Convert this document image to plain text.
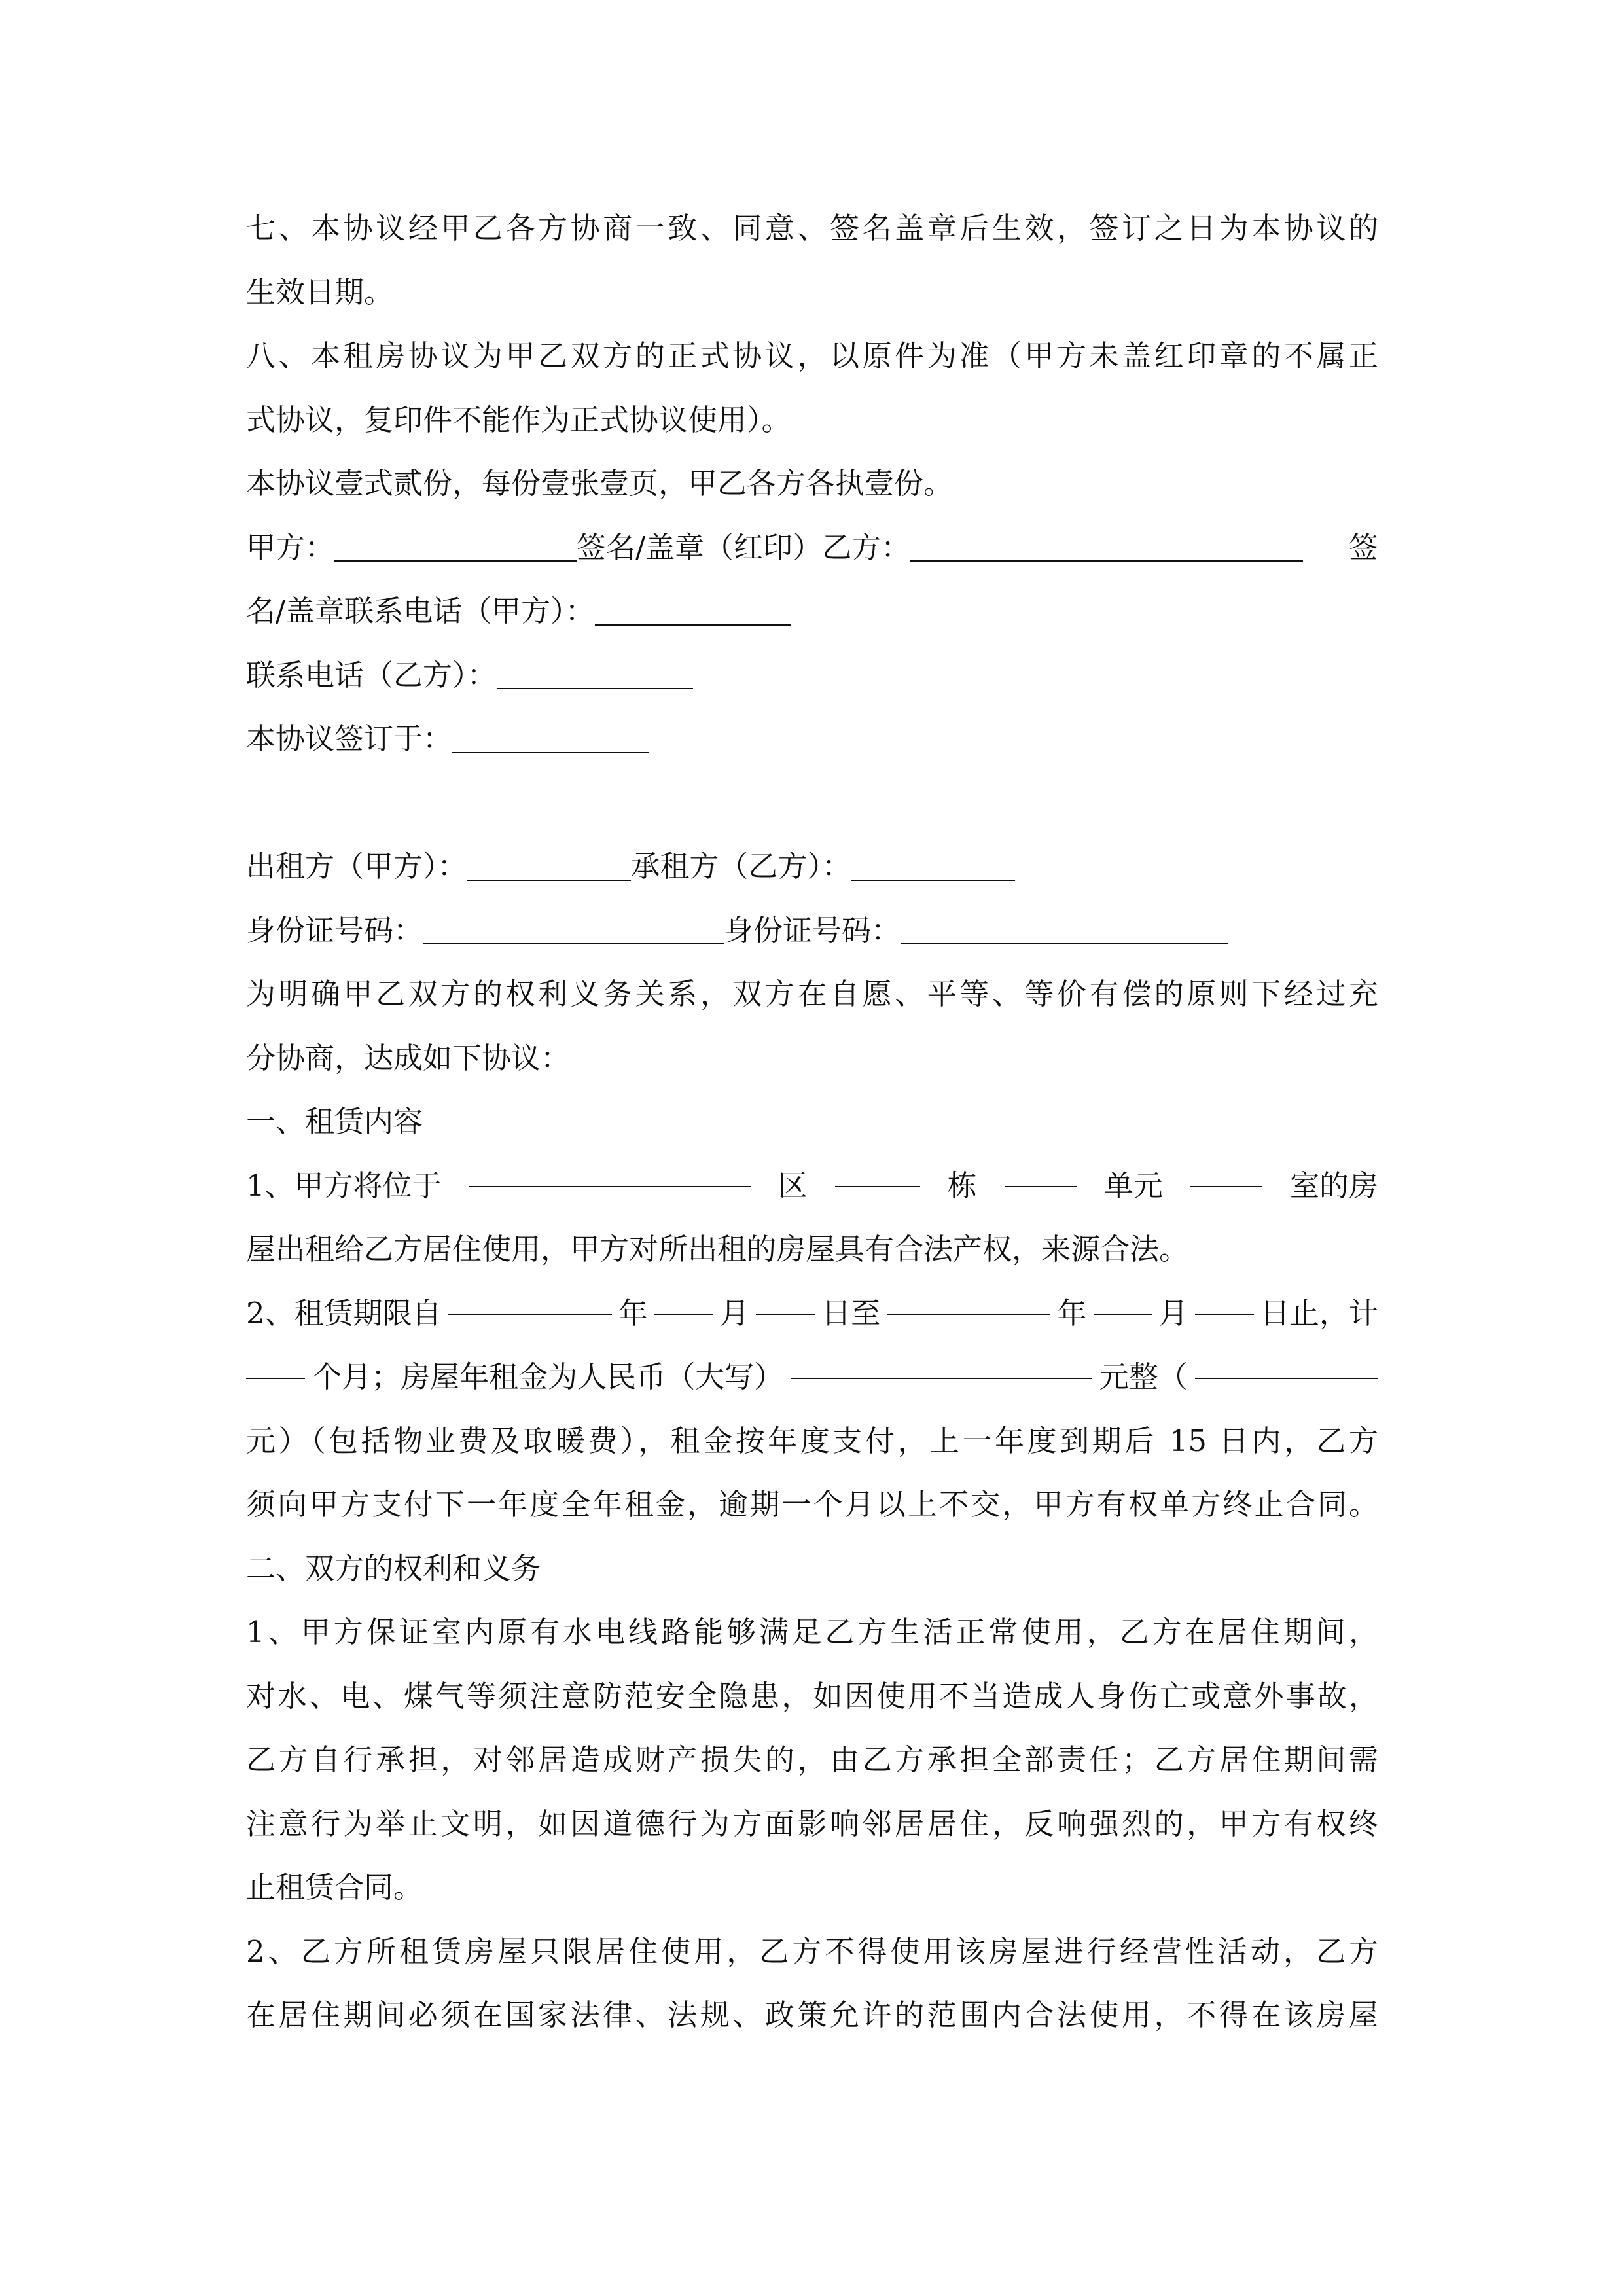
七、本协议经甲乙各方协商一致、同意、签名盖章后生效，签订之日为本协议的
生效日期。
八、本租房协议为甲乙双方的正式协议，以原件为准（甲方未盖红印章的不属正
式协议，复印件不能作为正式协议使用）。
本协议壹式贰份，每份壹张壹页，甲乙各方各执壹份。
甲方：	签名/盖章（红印）乙方：	签
名/盖章联系电话（甲方）：
联系电话（乙方）：
本协议签订于：
出租方（甲方）：	承租方（乙方）：
身份证号码：	身份证号码：
为明确甲乙双方的权利义务关系，双方在自愿、平等、等价有偿的原则下经过充
分协商，达成如下协议：
一、租赁内容
1、甲方将位于	区	栋	单元	室的房
屋出租给乙方居住使用，甲方对所出租的房屋具有合法产权，来源合法。
2、租赁期限自	年 月 日至	年 月 日止，计
个月；房屋年租金为人民币（大写）	元整（
元）（包括物业费及取暖费），租金按年度支付，上一年度到期后 15 日内，乙方
须向甲方支付下一年度全年租金，逾期一个月以上不交，甲方有权单方终止合同。
二、双方的权利和义务
1、甲方保证室内原有水电线路能够满足乙方生活正常使用，乙方在居住期间，
对水、电、煤气等须注意防范安全隐患，如因使用不当造成人身伤亡或意外事故，
乙方自行承担，对邻居造成财产损失的，由乙方承担全部责任；乙方居住期间需
注意行为举止文明，如因道德行为方面影响邻居居住，反响强烈的，甲方有权终
止租赁合同。
2、乙方所租赁房屋只限居住使用，乙方不得使用该房屋进行经营性活动，乙方
在居住期间必须在国家法律、法规、政策允许的范围内合法使用，不得在该房屋
